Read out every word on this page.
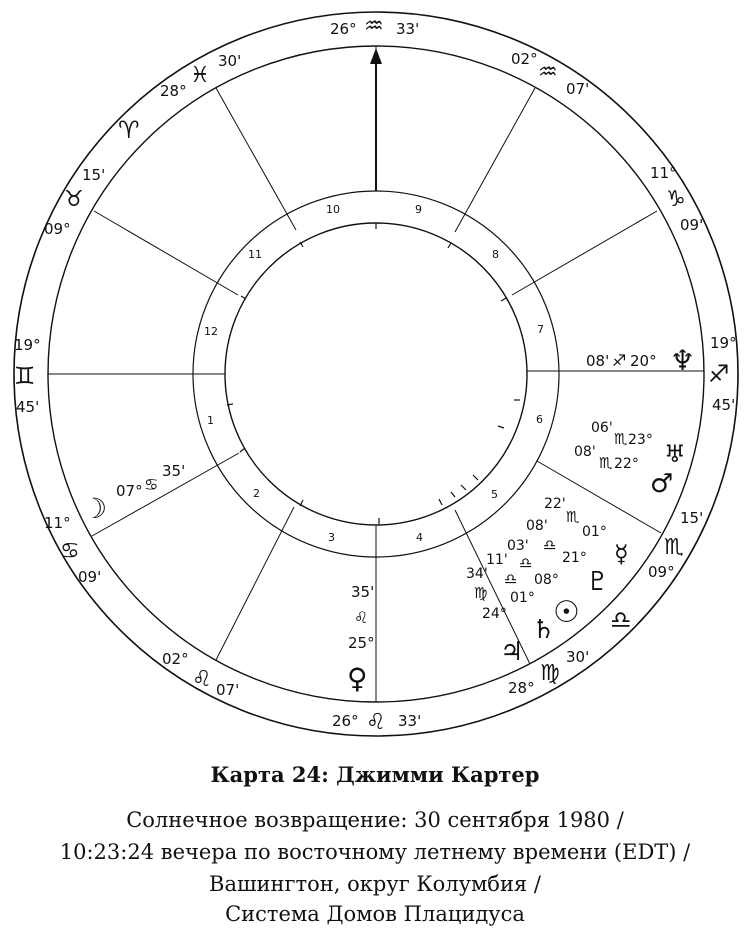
26° ♒ 33'
02°
♒
07'
11°
♑
09'
19°
♐
45'
15'
♏
09°
30'
♍
28°
26° ♌ 33'
02°
♌ 07'
11°
♋
09'
19°
♊
45'
15'
♉
09°
28°
♓
30'
♈
♎
1
2
3	4
5
6
7
8
9
10
11
12
08' ♐ 20° ♆
06'
♏ 23° ♅
08'
♏ 22°
♂
22'
♏
01°
☿
08'
♎
21°
♇
03'
♎
08°
☉
11'
♎
01°
♄
34'
♍
24°
♃
35'
♌
25°
♀
☽
07° ♋
35'
Карта 24: Джимми Картер
Солнечное возвращение: 30 сентября 1980 /
10:23:24 вечера по восточному летнему времени (EDT) /
Вашингтон, округ Колумбия /
Система Домов Плацидуса
